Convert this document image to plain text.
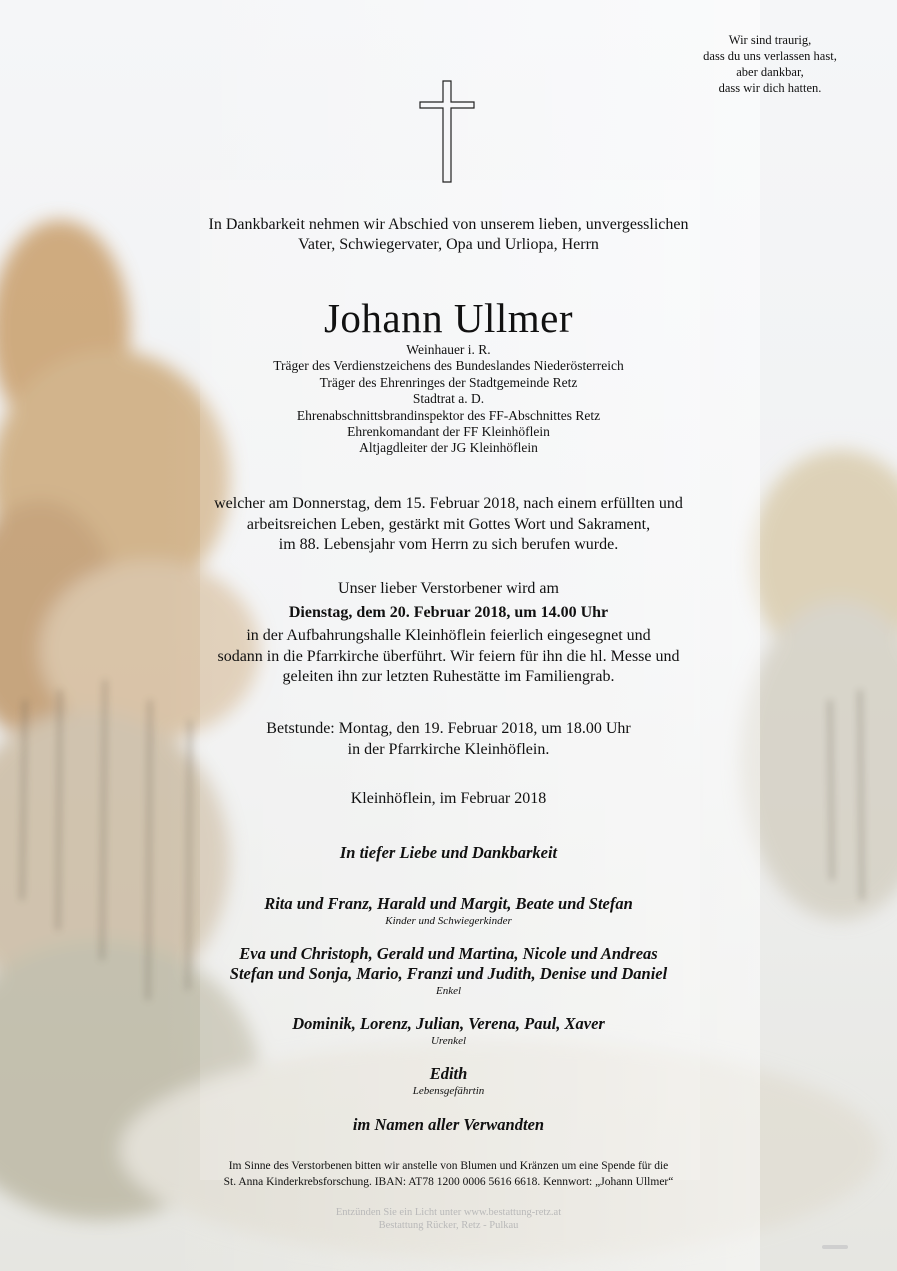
Wir sind traurig,
dass du uns verlassen hast,
aber dankbar,
dass wir dich hatten.
In Dankbarkeit nehmen wir Abschied von unserem lieben, unvergesslichen
Vater, Schwiegervater, Opa und Urliopa, Herrn
Johann Ullmer
Weinhauer i. R.
Träger des Verdienstzeichens des Bundeslandes Niederösterreich
Träger des Ehrenringes der Stadtgemeinde Retz
Stadtrat a. D.
Ehrenabschnittsbrandinspektor des FF-Abschnittes Retz
Ehrenkomandant der FF Kleinhöflein
Altjagdleiter der JG Kleinhöflein
welcher am Donnerstag, dem 15. Februar 2018, nach einem erfüllten und
arbeitsreichen Leben, gestärkt mit Gottes Wort und Sakrament,
im 88. Lebensjahr vom Herrn zu sich berufen wurde.
Unser lieber Verstorbener wird am
Dienstag, dem 20. Februar 2018, um 14.00 Uhr
in der Aufbahrungshalle Kleinhöflein feierlich eingesegnet und
sodann in die Pfarrkirche überführt. Wir feiern für ihn die hl. Messe und
geleiten ihn zur letzten Ruhestätte im Familiengrab.
Betstunde: Montag, den 19. Februar 2018, um 18.00 Uhr
in der Pfarrkirche Kleinhöflein.
Kleinhöflein, im Februar 2018
In tiefer Liebe und Dankbarkeit
Rita und Franz, Harald und Margit, Beate und Stefan
Kinder und Schwiegerkinder
Eva und Christoph, Gerald und Martina, Nicole und Andreas
Stefan und Sonja, Mario, Franzi und Judith, Denise und Daniel
Enkel
Dominik, Lorenz, Julian, Verena, Paul, Xaver
Urenkel
Edith
Lebensgefährtin
im Namen aller Verwandten
Im Sinne des Verstorbenen bitten wir anstelle von Blumen und Kränzen um eine Spende für die
St. Anna Kinderkrebsforschung. IBAN: AT78 1200 0006 5616 6618. Kennwort: „Johann Ullmer“
Entzünden Sie ein Licht unter www.bestattung-retz.at
Bestattung Rücker, Retz - Pulkau
